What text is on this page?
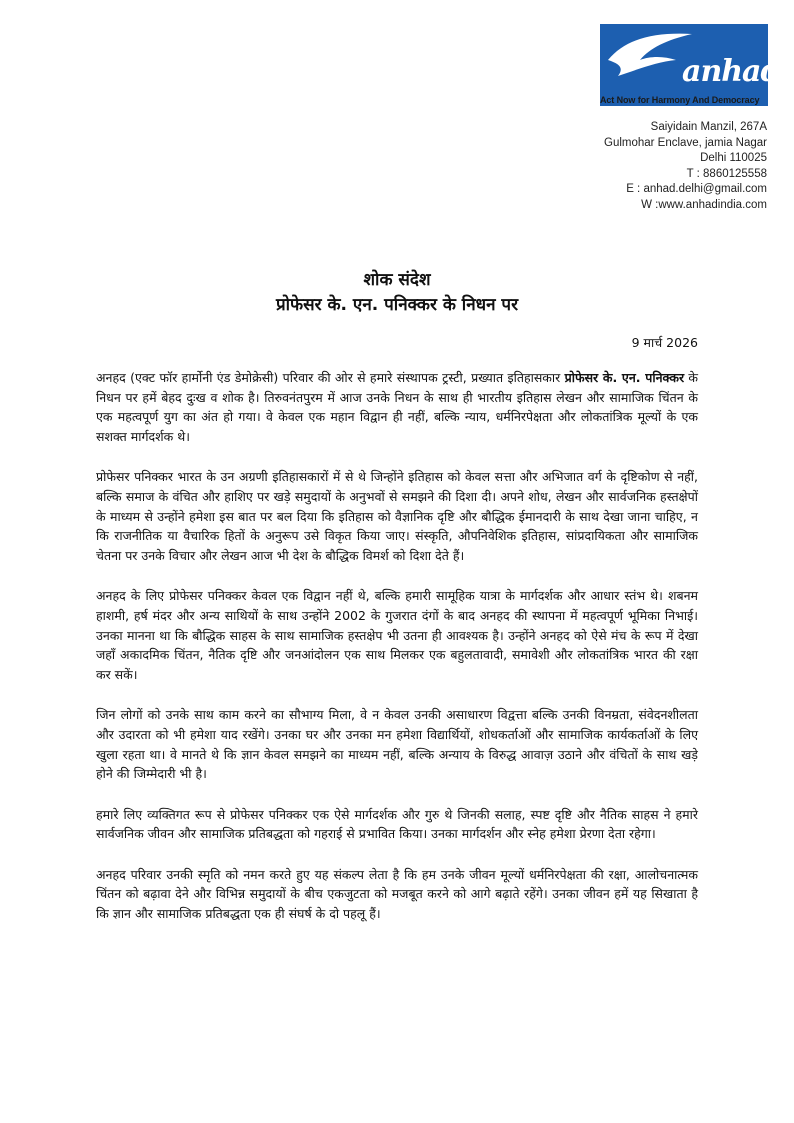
anhad
Act Now for Harmony And Democracy
Saiyidain Manzil, 267A
Gulmohar Enclave, jamia Nagar
Delhi 110025
T : 8860125558
E : anhad.delhi@gmail.com
W :www.anhadindia.com
शोक संदेश
प्रोफेसर के. एन. पनिक्कर के निधन पर
9 मार्च 2026

अनहद (एक्ट फॉर हार्मोनी एंड डेमोक्रेसी) परिवार की ओर से हमारे संस्थापक ट्रस्टी, प्रख्यात इतिहासकार प्रोफेसर के. एन. पनिक्कर के निधन पर हमें बेहद दुःख व शोक है। तिरुवनंतपुरम में आज उनके निधन के साथ ही भारतीय इतिहास लेखन और सामाजिक चिंतन के एक महत्वपूर्ण युग का अंत हो गया। वे केवल एक महान विद्वान ही नहीं, बल्कि न्याय, धर्मनिरपेक्षता और लोकतांत्रिक मूल्यों के एक सशक्त मार्गदर्शक थे।

प्रोफेसर पनिक्कर भारत के उन अग्रणी इतिहासकारों में से थे जिन्होंने इतिहास को केवल सत्ता और अभिजात वर्ग के दृष्टिकोण से नहीं, बल्कि समाज के वंचित और हाशिए पर खड़े समुदायों के अनुभवों से समझने की दिशा दी। अपने शोध, लेखन और सार्वजनिक हस्तक्षेपों के माध्यम से उन्होंने हमेशा इस बात पर बल दिया कि इतिहास को वैज्ञानिक दृष्टि और बौद्धिक ईमानदारी के साथ देखा जाना चाहिए, न कि राजनीतिक या वैचारिक हितों के अनुरूप उसे विकृत किया जाए। संस्कृति, औपनिवेशिक इतिहास, सांप्रदायिकता और सामाजिक चेतना पर उनके विचार और लेखन आज भी देश के बौद्धिक विमर्श को दिशा देते हैं।

अनहद के लिए प्रोफेसर पनिक्कर केवल एक विद्वान नहीं थे, बल्कि हमारी सामूहिक यात्रा के मार्गदर्शक और आधार स्तंभ थे। शबनम हाशमी, हर्ष मंदर और अन्य साथियों के साथ उन्होंने 2002 के गुजरात दंगों के बाद अनहद की स्थापना में महत्वपूर्ण भूमिका निभाई। उनका मानना था कि बौद्धिक साहस के साथ सामाजिक हस्तक्षेप भी उतना ही आवश्यक है। उन्होंने अनहद को ऐसे मंच के रूप में देखा जहाँ अकादमिक चिंतन, नैतिक दृष्टि और जनआंदोलन एक साथ मिलकर एक बहुलतावादी, समावेशी और लोकतांत्रिक भारत की रक्षा कर सकें।

जिन लोगों को उनके साथ काम करने का सौभाग्य मिला, वे न केवल उनकी असाधारण विद्वत्ता बल्कि उनकी विनम्रता, संवेदनशीलता और उदारता को भी हमेशा याद रखेंगे। उनका घर और उनका मन हमेशा विद्यार्थियों, शोधकर्ताओं और सामाजिक कार्यकर्ताओं के लिए खुला रहता था। वे मानते थे कि ज्ञान केवल समझने का माध्यम नहीं, बल्कि अन्याय के विरुद्ध आवाज़ उठाने और वंचितों के साथ खड़े होने की जिम्मेदारी भी है।

हमारे लिए व्यक्तिगत रूप से प्रोफेसर पनिक्कर एक ऐसे मार्गदर्शक और गुरु थे जिनकी सलाह, स्पष्ट दृष्टि और नैतिक साहस ने हमारे सार्वजनिक जीवन और सामाजिक प्रतिबद्धता को गहराई से प्रभावित किया। उनका मार्गदर्शन और स्नेह हमेशा प्रेरणा देता रहेगा।

अनहद परिवार उनकी स्मृति को नमन करते हुए यह संकल्प लेता है कि हम उनके जीवन मूल्यों धर्मनिरपेक्षता की रक्षा, आलोचनात्मक चिंतन को बढ़ावा देने और विभिन्न समुदायों के बीच एकजुटता को मजबूत करने को आगे बढ़ाते रहेंगे। उनका जीवन हमें यह सिखाता है कि ज्ञान और सामाजिक प्रतिबद्धता एक ही संघर्ष के दो पहलू हैं।
